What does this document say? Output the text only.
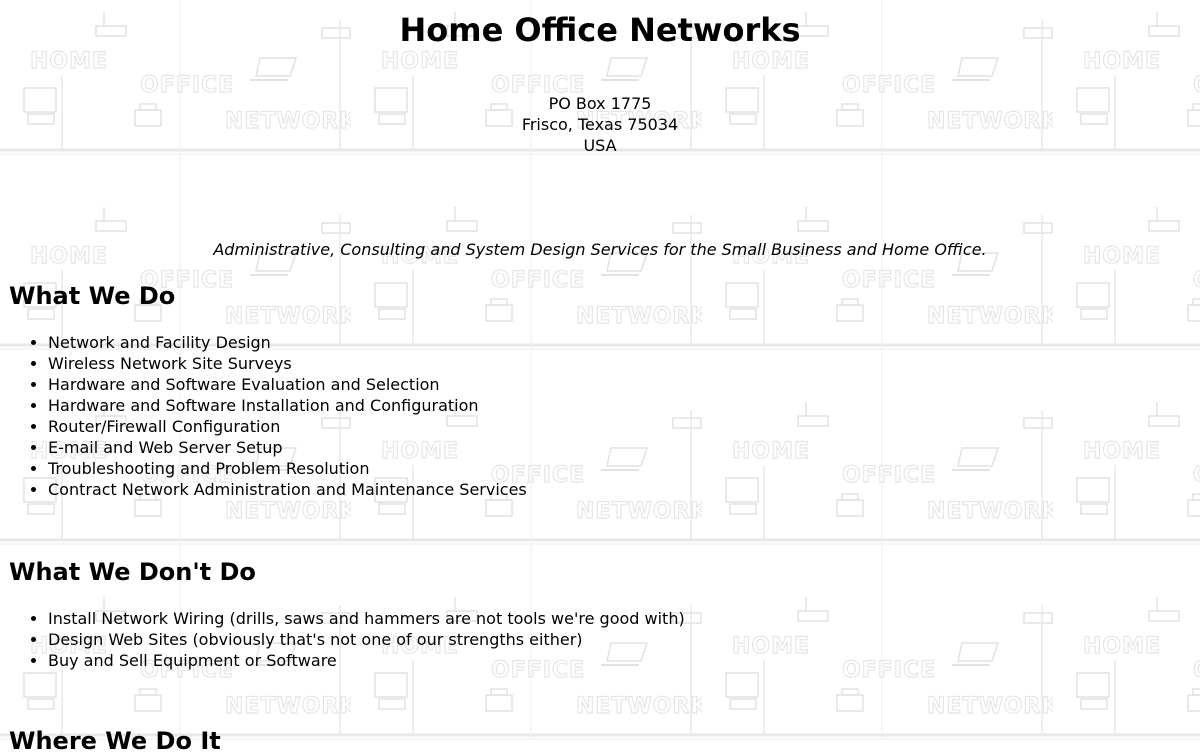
Home Office Networks
PO Box 1775
Frisco, Texas 75034
USA
Administrative, Consulting and System Design Services for the Small Business and Home Office.
What We Do
• Network and Facility Design
• Wireless Network Site Surveys
• Hardware and Software Evaluation and Selection
• Hardware and Software Installation and Configuration
• Router/Firewall Configuration
• E-mail and Web Server Setup
• Troubleshooting and Problem Resolution
• Contract Network Administration and Maintenance Services
What We Don't Do
• Install Network Wiring (drills, saws and hammers are not tools we're good with)
• Design Web Sites (obviously that's not one of our strengths either)
• Buy and Sell Equipment or Software
Where We Do It
